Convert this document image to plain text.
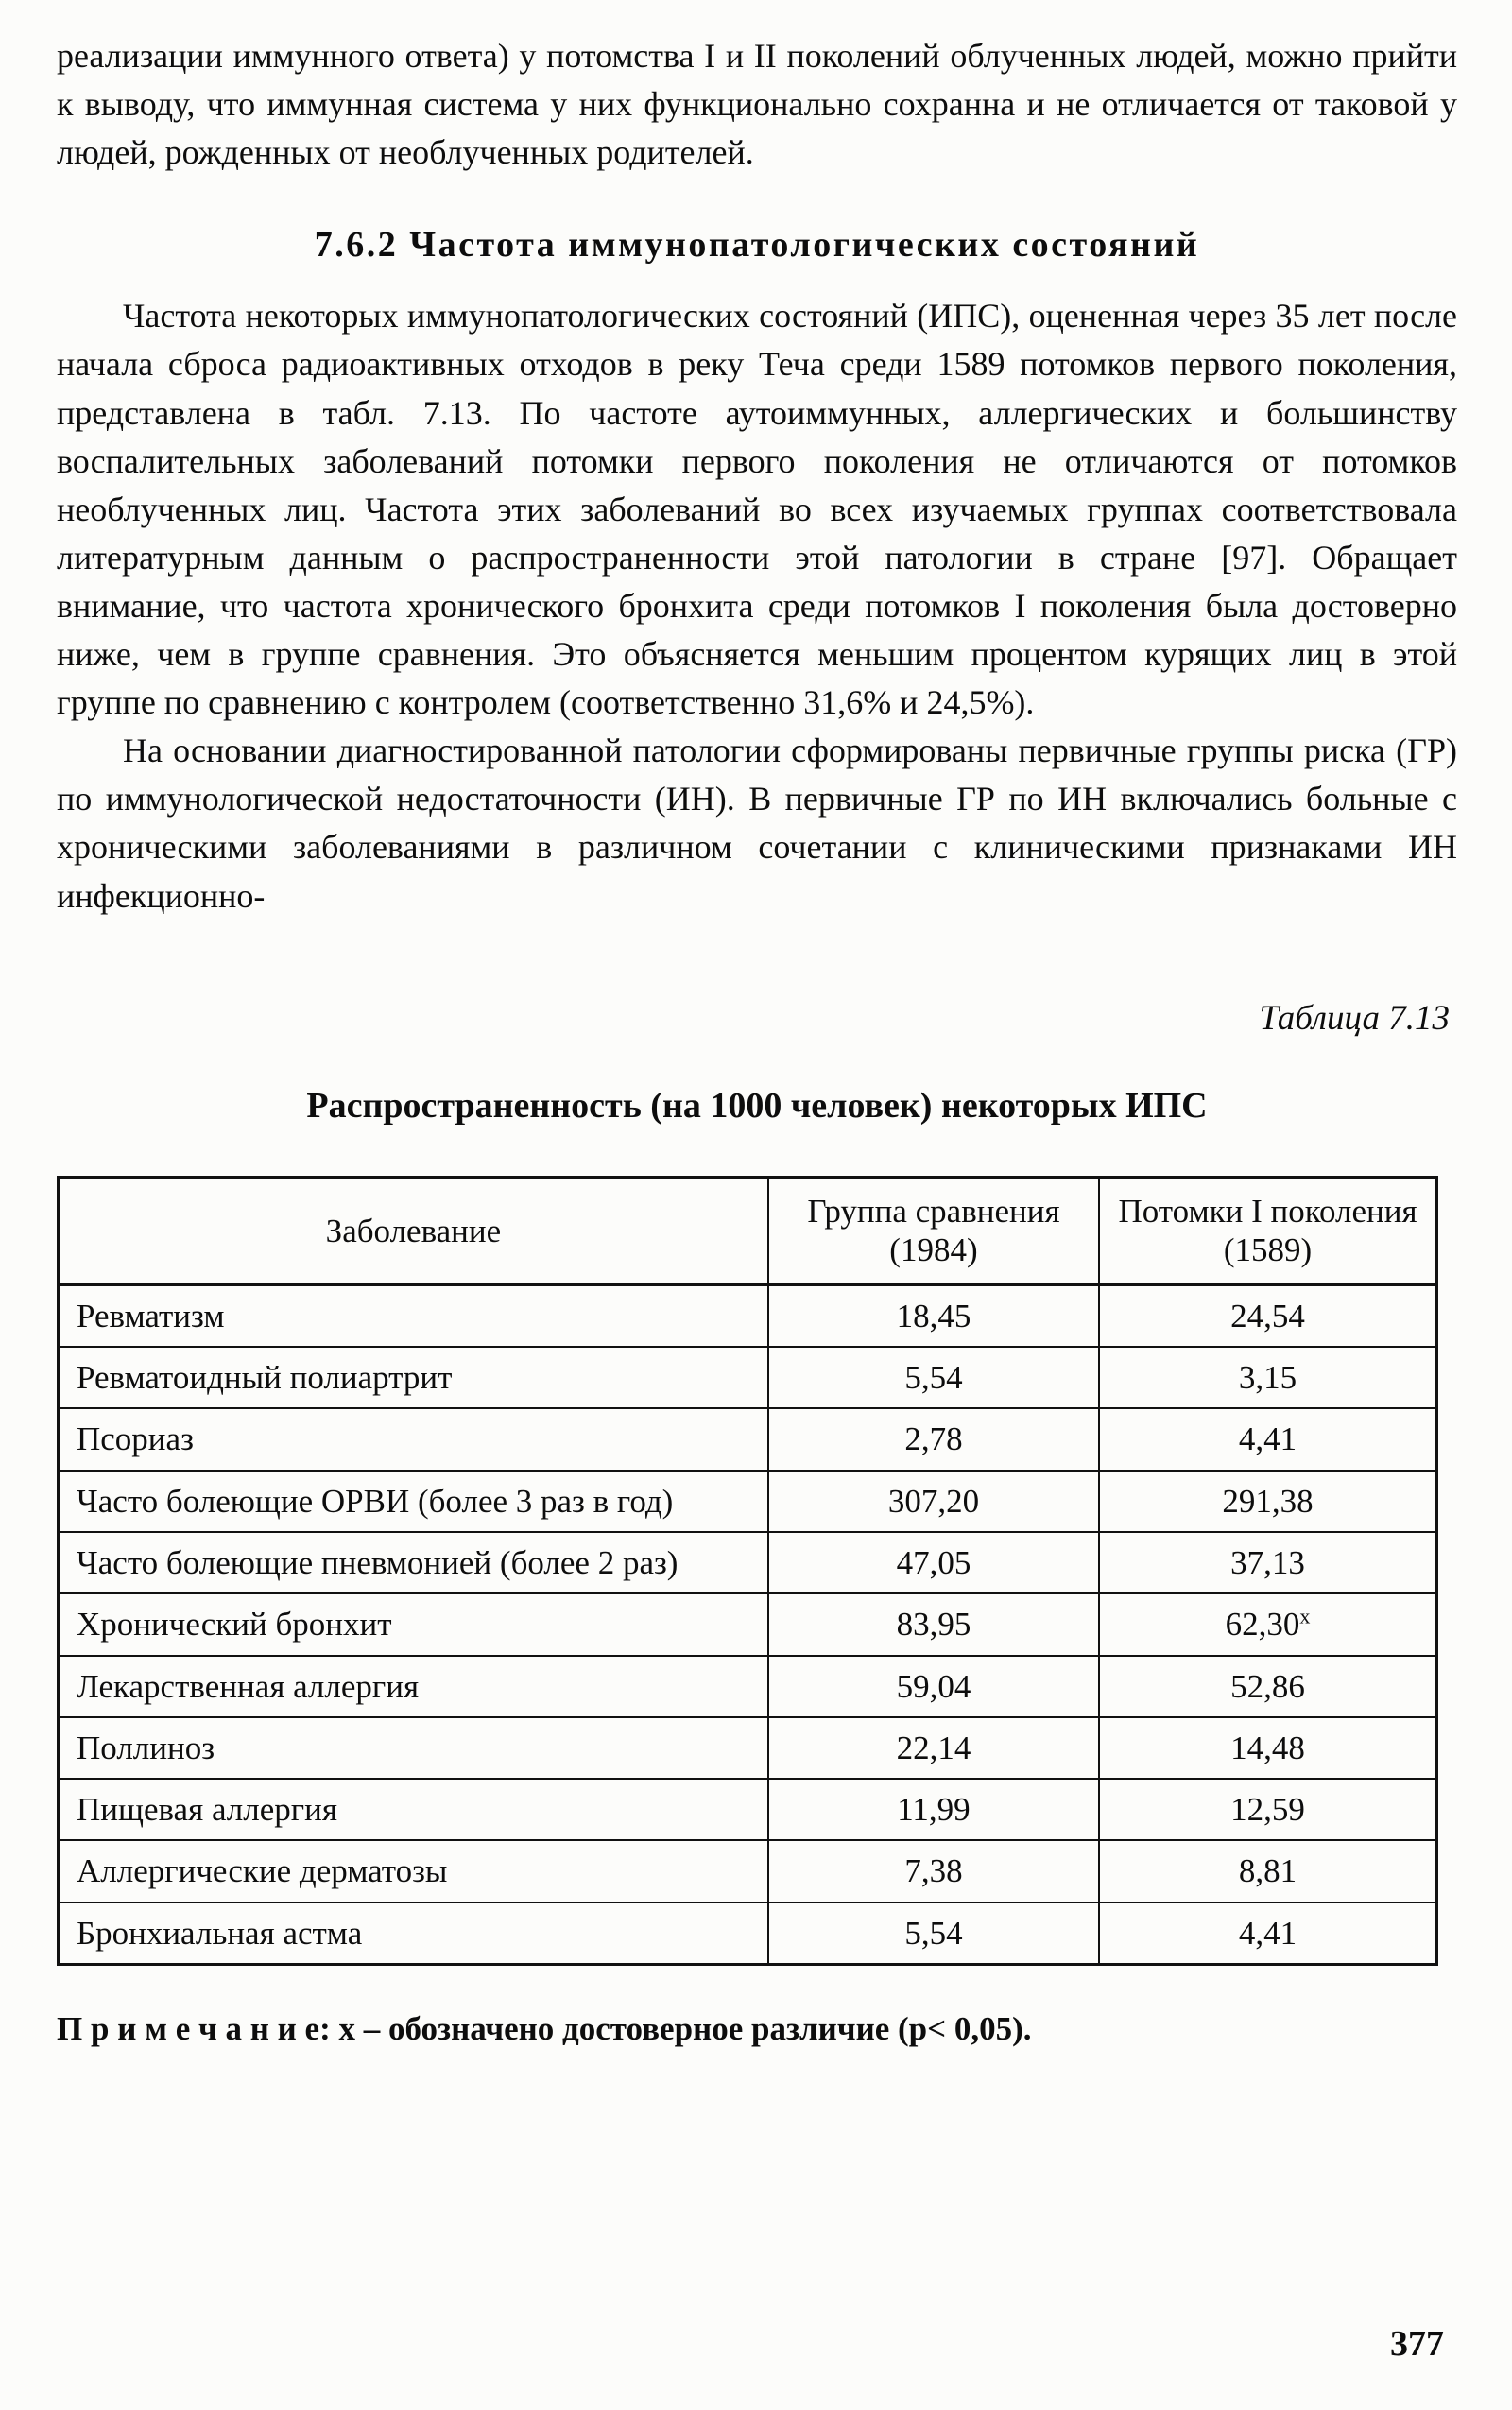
реализации иммунного ответа) у потомства I и II поколений облученных людей, можно прийти к выводу, что иммунная система у них функционально сохранна и не отличается от таковой у людей, рожденных от необлученных родителей.

7.6.2 Частота иммунопатологических состояний

Частота некоторых иммунопатологических состояний (ИПС), оцененная через 35 лет после начала сброса радиоактивных отходов в реку Теча среди 1589 потомков первого поколения, представлена в табл. 7.13. По частоте аутоиммунных, аллергических и большинству воспалительных заболеваний потомки первого поколения не отличаются от потомков необлученных лиц. Частота этих заболеваний во всех изучаемых группах соответствовала литературным данным о распространенности этой патологии в стране [97]. Обращает внимание, что частота хронического бронхита среди потомков I поколения была достоверно ниже, чем в группе сравнения. Это объясняется меньшим процентом курящих лиц в этой группе по сравнению с контролем (соответственно 31,6% и 24,5%).

На основании диагностированной патологии сформированы первичные группы риска (ГР) по иммунологической недостаточности (ИН). В первичные ГР по ИН включались больные с хроническими заболеваниями в различном сочетании с клиническими признаками ИН инфекционно-

Таблица 7.13
Распространенность (на 1000 человек) некоторых ИПС
Заболевание	Группа сравнения (1984)	Потомки I поколения (1589)
Ревматизм	18,45	24,54
Ревматоидный полиартрит	5,54	3,15
Псориаз	2,78	4,41
Часто болеющие ОРВИ (более 3 раз в год)	307,20	291,38
Часто болеющие пневмонией (более 2 раз)	47,05	37,13
Хронический бронхит	83,95	62,30$^x$
Лекарственная аллергия	59,04	52,86
Поллиноз	22,14	14,48
Пищевая аллергия	11,99	12,59
Аллергические дерматозы	7,38	8,81
Бронхиальная астма	5,54	4,41
П р и м е ч а н и е: x – обозначено достоверное различие (p< 0,05).
377
